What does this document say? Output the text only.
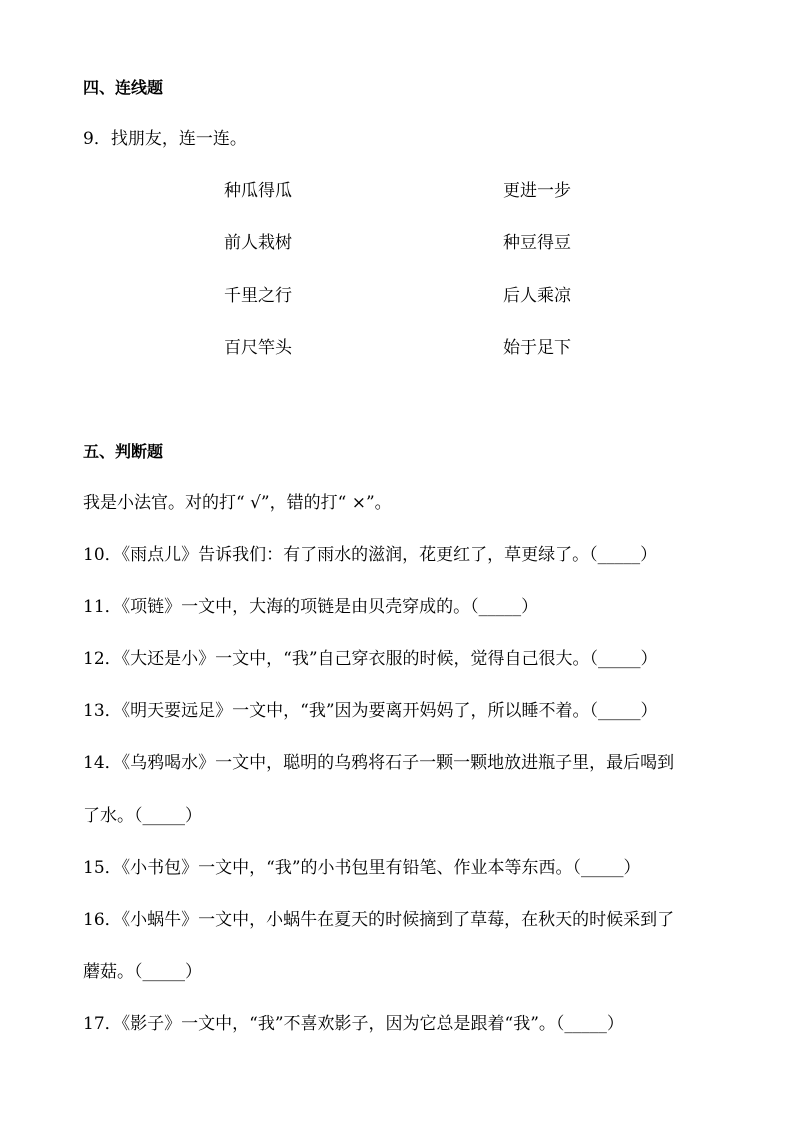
四、连线题
9．找朋友，连一连。
种瓜得瓜
前人栽树
千里之行
百尺竿头
更进一步
种豆得豆
后人乘凉
始于足下
五、判断题
我是小法官。对的打“ √”，错的打“ ×”。
10．《雨点儿》告诉我们：有了雨水的滋润，花更红了，草更绿了。（_____）
11．《项链》一文中，大海的项链是由贝壳穿成的。（_____）
12．《大还是小》一文中，“我”自己穿衣服的时候，觉得自己很大。（_____）
13．《明天要远足》一文中，“我”因为要离开妈妈了，所以睡不着。（_____）
14．《乌鸦喝水》一文中，聪明的乌鸦将石子一颗一颗地放进瓶子里，最后喝到
了水。（_____）
15．《小书包》一文中，“我”的小书包里有铅笔、作业本等东西。（_____）
16．《小蜗牛》一文中，小蜗牛在夏天的时候摘到了草莓，在秋天的时候采到了
蘑菇。（_____）
17．《影子》一文中，“我”不喜欢影子，因为它总是跟着“我”。（_____）
